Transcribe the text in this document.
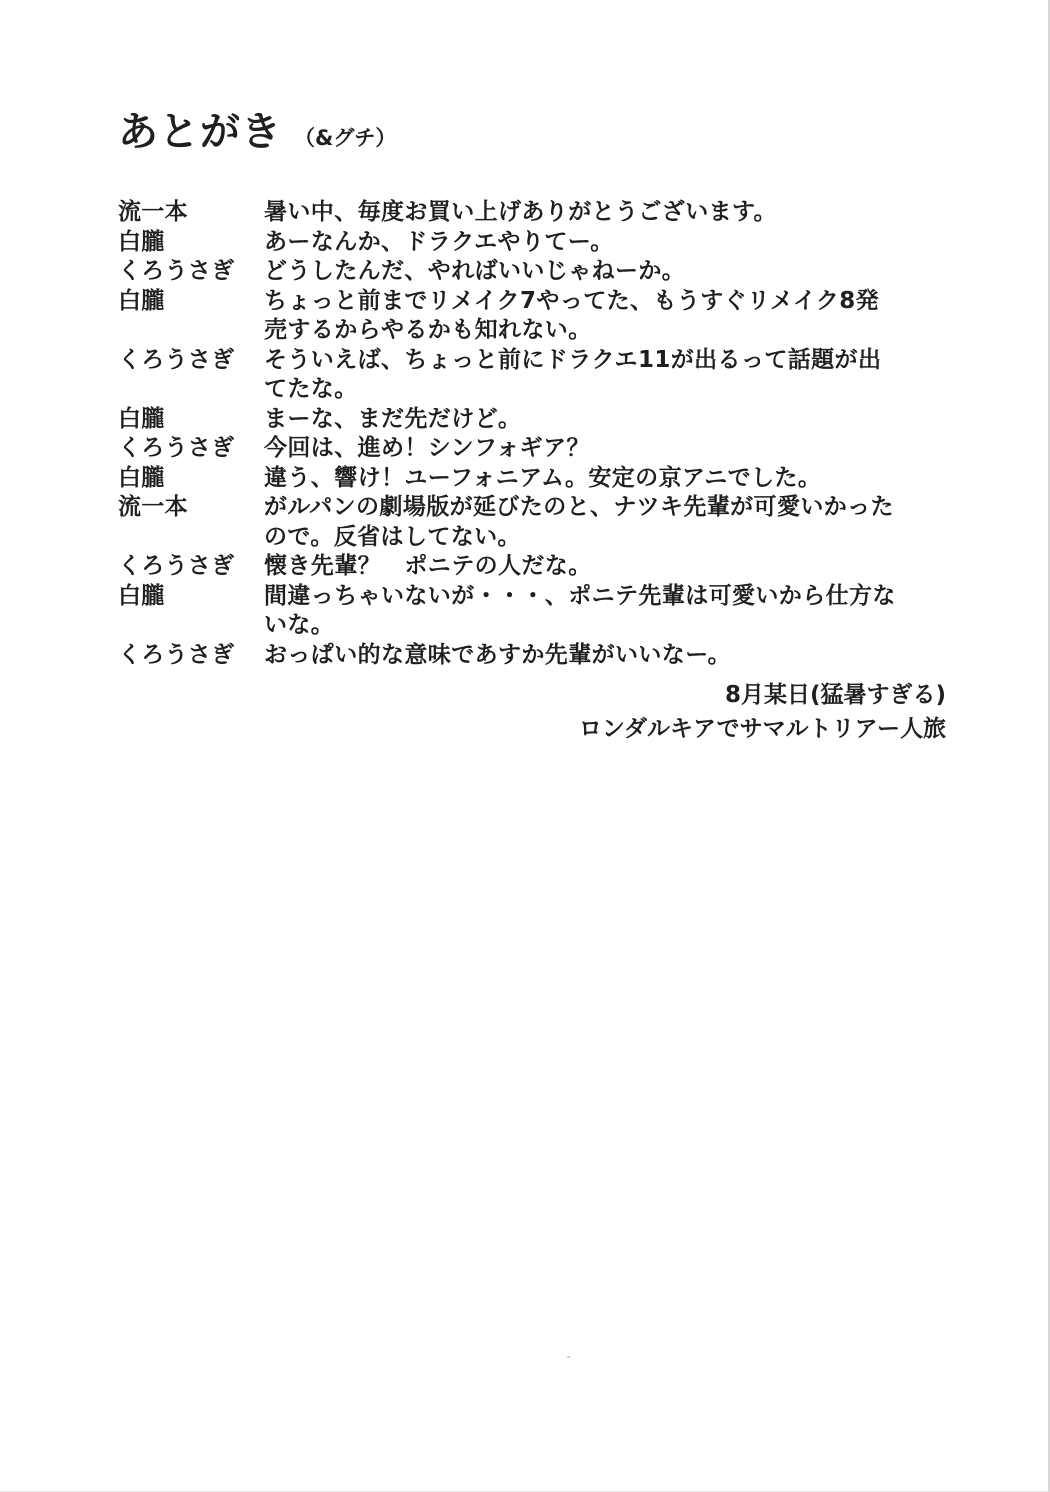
あとがき （&グチ）
流一本	暑い中、毎度お買い上げありがとうございます。
白朧	あーなんか、ドラクエやりてー。
くろうさぎ	どうしたんだ、やればいいじゃねーか。
白朧	ちょっと前までリメイク7やってた、もうすぐリメイク8発
売するからやるかも知れない。
くろうさぎ	そういえば、ちょっと前にドラクエ11が出るって話題が出
てたな。
白朧	まーな、まだ先だけど。
くろうさぎ	今回は、進め！シンフォギア？
白朧	違う、響け！ユーフォニアム。安定の京アニでした。
流一本	がルパンの劇場版が延びたのと、ナツキ先輩が可愛いかった
ので。反省はしてない。
くろうさぎ	懐き先輩？　ポニテの人だな。
白朧	間違っちゃいないが・・・、ポニテ先輩は可愛いから仕方な
いな。
くろうさぎ	おっぱい的な意味であすか先輩がいいなー。
8月某日(猛暑すぎる)
ロンダルキアでサマルトリアー人旅
